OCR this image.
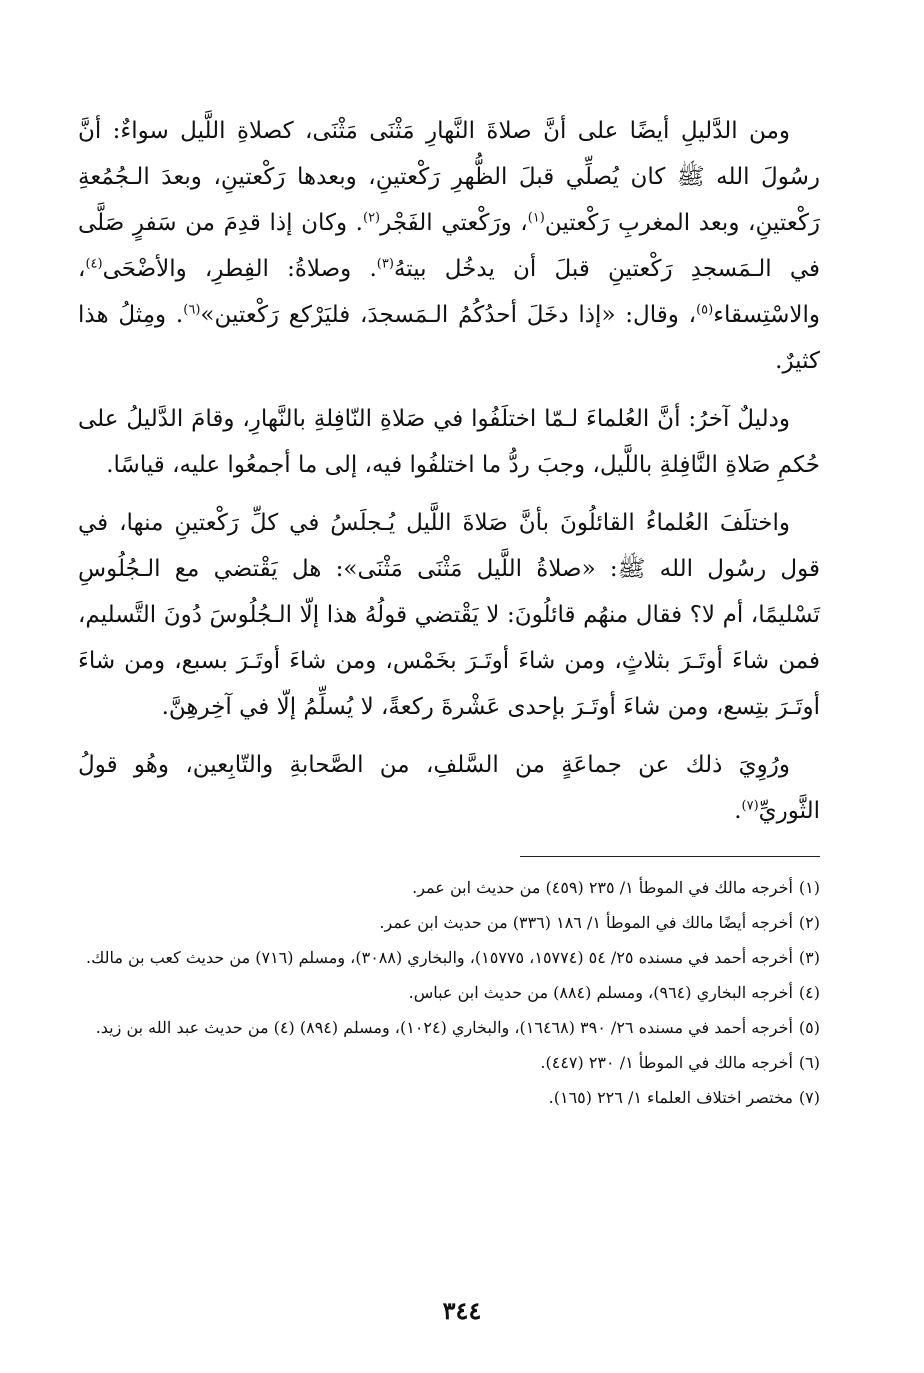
ومن الدَّليلِ أيضًا على أنَّ صلاةَ النَّهارِ مَثْنَى مَثْنَى، كصلاةِ اللَّيل سواءٌ: أنَّ رسُولَ الله ﷺ كان يُصلِّي قبلَ الظُّهرِ رَكْعتينِ، وبعدها رَكْعتينِ، وبعدَ الـجُمُعةِ رَكْعتينِ، وبعد المغربِ رَكْعتين$^{(١)}$، ورَكْعتي الفَجْر$^{(٢)}$. وكان إذا قدِمَ من سَفرٍ صَلَّى في الـمَسجدِ رَكْعتينِ قبلَ أن يدخُل بيتهُ$^{(٣)}$. وصلاةُ: الفِطرِ، والأضْحَى$^{(٤)}$، والاسْتِسقاء$^{(٥)}$، وقال: «إذا دخَلَ أحدُكُمُ الـمَسجدَ، فليَرْكع رَكْعتين»$^{(٦)}$. ومِثلُ هذا كثيرٌ.

ودليلٌ آخرُ: أنَّ العُلماءَ لـمّا اختلَفُوا في صَلاةِ النّافِلةِ بالنَّهارِ، وقامَ الدَّليلُ على حُكمِ صَلاةِ النَّافِلةِ باللَّيل، وجبَ ردُّ ما اختلفُوا فيه، إلى ما أجمعُوا عليه، قياسًا.

واختلَفَ العُلماءُ القائلُونَ بأنَّ صَلاةَ اللَّيل يُـجلَسُ في كلِّ رَكْعتينِ منها، في قول رسُول الله ﷺ: «صلاةُ اللَّيل مَثْنَى مَثْنَى»: هل يَقْتضي مع الـجُلُوسِ تَسْليمًا، أم لا؟ فقال منهُم قائلُونَ: لا يَقْتضي قولُهُ هذا إلّا الـجُلُوسَ دُونَ التَّسليم، فمن شاءَ أوتَـرَ بثلاثٍ، ومن شاءَ أوتَـرَ بخَمْس، ومن شاءَ أوتَـرَ بسبع، ومن شاءَ أوتَـرَ بتِسع، ومن شاءَ أوتَـرَ بإحدى عَشْرةَ ركعةً، لا يُسلِّمُ إلّا في آخِرهِنَّ.

ورُوِيَ ذلك عن جماعَةٍ من السَّلفِ، من الصَّحابةِ والتّابِعين، وهُو قولُ الثَّوريِّ$^{(٧)}$.

(١)
أخرجه مالك في الموطأ ١/ ٢٣٥ (٤٥٩) من حديث ابن عمر.
(٢)
أخرجه أيضًا مالك في الموطأ ١/ ١٨٦ (٣٣٦) من حديث ابن عمر.
(٣)
أخرجه أحمد في مسنده ٢٥/ ٥٤ (١٥٧٧٤، ١٥٧٧٥)، والبخاري (٣٠٨٨)، ومسلم (٧١٦) من حديث كعب بن مالك.
(٤)
أخرجه البخاري (٩٦٤)، ومسلم (٨٨٤) من حديث ابن عباس.
(٥)
أخرجه أحمد في مسنده ٢٦/ ٣٩٠ (١٦٤٦٨)، والبخاري (١٠٢٤)، ومسلم (٨٩٤) (٤) من حديث عبد الله بن زيد.
(٦)
أخرجه مالك في الموطأ ١/ ٢٣٠ (٤٤٧).
(٧)
مختصر اختلاف العلماء ١/ ٢٢٦ (١٦٥).
٣٤٤
